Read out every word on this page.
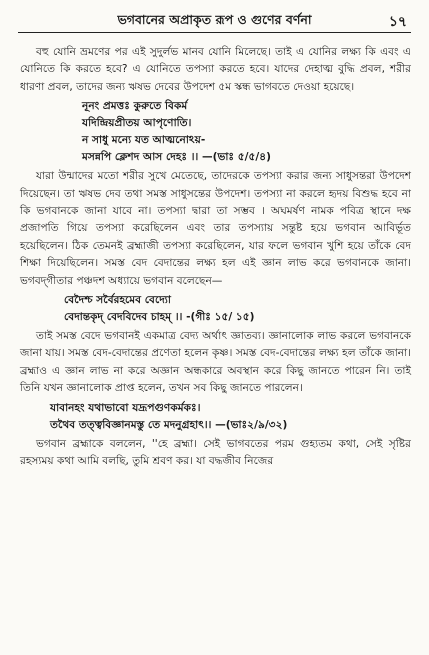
ভগবানের অপ্রাকৃত রূপ ও গুণের বর্ণনা	১৭

বহু যোনি ভ্রমণের পর এই সুদুর্লভ মানব যোনি মিলেছে। তাই এ যোনির লক্ষ্য কি এবং এ যোনিতে কি করতে হবে? এ যোনিতে তপস্যা করতে হবে। যাদের দেহাত্ম বুদ্ধি প্রবল, শরীর ধারণা প্রবল, তাদের জন্য ঋষভ দেবের উপদেশ ৫ম স্কন্ধ ভাগবতে দেওয়া হয়েছে।

নূনং প্রমত্তঃ কুরুতে বিকর্ম
যদিন্দ্রিয়প্রীতয় আপৃণোতি।
ন সাধু মন্যে যত আত্মনোঽয়-
মসন্নপি ক্লেশদ আস দেহঃ ।। —(ভাঃ ৫/৫/৪)

যারা উন্মাদের মতো শরীর সুখে মেতেছে, তাদেরকে তপস্যা করার জন্য সাধুসন্তরা উপদেশ দিয়েছেন। তা ঋষভ দেব তথা সমস্ত সাধুসন্তের উপদেশ। তপস্যা না করলে হৃদয় বিশুদ্ধ হবে না কি ভগবানকে জানা যাবে না। তপস্যা দ্বারা তা সম্ভব । অঘমর্ষণ নামক পবিত্র স্থানে দক্ষ প্রজাপতি গিয়ে তপস্যা করেছিলেন এবং তার তপস্যায় সন্তুষ্ট হয়ে ভগবান আবির্ভূত হয়েছিলেন। ঠিক তেমনই ব্রহ্মাজী তপস্যা করেছিলেন, যার ফলে ভগবান খুশি হয়ে তাঁকে বেদ শিক্ষা দিয়েছিলেন। সমস্ত বেদ বেদান্তের লক্ষ্য হল এই জ্ঞান লাভ করে ভগবানকে জানা। ভগবদ্‌গীতার পঞ্চদশ অধ্যায়ে ভগবান বলেছেন—

বেদৈশ্চ সর্বৈরহমেব বেদ্যো
বেদান্তকৃদ্ বেদবিদেব চাহম্ ।। -(গীঃ ১৫/ ১৫)

তাই সমস্ত বেদে ভগবানই একমাত্র বেদ্য অর্থাৎ জ্ঞাতব্য। জ্ঞানালোক লাভ করলে ভগবানকে জানা যায়। সমস্ত বেদ-বেদান্তের প্রণেতা হলেন কৃষ্ণ। সমস্ত বেদ-বেদান্তের লক্ষ্য হল তাঁকে জানা। ব্রহ্মাও এ জ্ঞান লাভ না করে অজ্ঞান অন্ধকারে অবস্থান করে কিছু জানতে পারেন নি। তাই তিনি যখন জ্ঞানালোক প্রাপ্ত হলেন, তখন সব কিছু জানতে পারলেন।

যাবানহং যথাভাবো যদ্রূপগুণকর্মকঃ।
তথৈব তত্ত্ববিজ্ঞানমস্তু তে মদনুগ্রহাৎ।। —(ভাঃ২/৯/৩২)

ভগবান ব্রহ্মাকে বললেন, ''হে ব্রহ্মা। সেই ভাগবতের পরম গুহ্যতম কথা, সেই সৃষ্টির রহস্যময় কথা আমি বলছি, তুমি শ্রবণ কর। যা বদ্ধজীব নিজের
